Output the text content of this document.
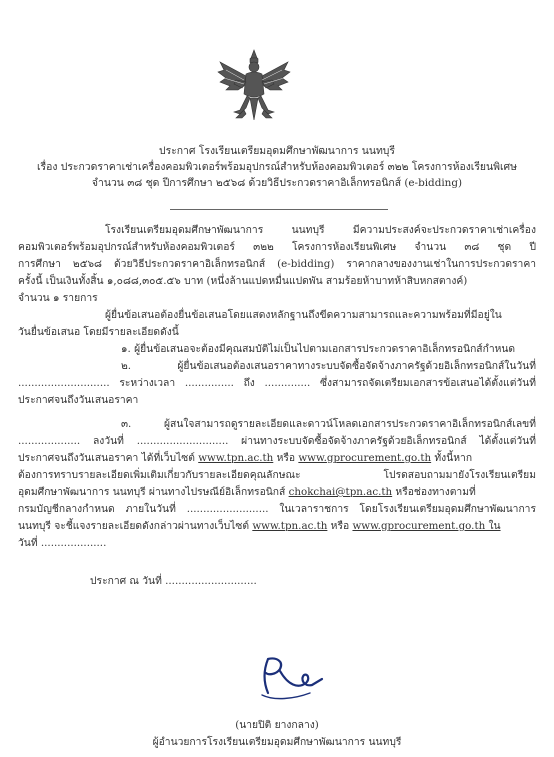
ประกาศ โรงเรียนเตรียมอุดมศึกษาพัฒนาการ นนทบุรี
เรื่อง ประกวดราคาเช่าเครื่องคอมพิวเตอร์พร้อมอุปกรณ์สำหรับห้องคอมพิวเตอร์ ๓๒๒ โครงการห้องเรียนพิเศษ
จำนวน ๓๘ ชุด ปีการศึกษา ๒๕๖๘ ด้วยวิธีประกวดราคาอิเล็กทรอนิกส์ (e-bidding)
โรงเรียนเตรียมอุดมศึกษาพัฒนาการ นนทบุรี มีความประสงค์จะประกวดราคาเช่าเครื่อง
คอมพิวเตอร์พร้อมอุปกรณ์สำหรับห้องคอมพิวเตอร์ ๓๒๒ โครงการห้องเรียนพิเศษ จำนวน ๓๘ ชุด ปี
การศึกษา ๒๕๖๘ ด้วยวิธีประกวดราคาอิเล็กทรอนิกส์ (e-bidding) ราคากลางของงานเช่าในการประกวดราคา
ครั้งนี้ เป็นเงินทั้งสิ้น ๑,๐๘๘,๓๐๕.๕๖ บาท (หนึ่งล้านแปดหมื่นแปดพัน สามร้อยห้าบาทห้าสิบหกสตางค์)
จำนวน ๑ รายการ
ผู้ยื่นข้อเสนอต้องยื่นข้อเสนอโดยแสดงหลักฐานถึงขีดความสามารถและความพร้อมที่มีอยู่ใน
วันยื่นข้อเสนอ โดยมีรายละเอียดดังนี้
๑. ผู้ยื่นข้อเสนอจะต้องมีคุณสมบัติไม่เป็นไปตามเอกสารประกวดราคาอิเล็กทรอนิกส์กำหนด
๒. ผู้ยื่นข้อเสนอต้องเสนอราคาทางระบบจัดซื้อจัดจ้างภาครัฐด้วยอิเล็กทรอนิกส์ในวันที่
............................ ระหว่างเวลา ............... ถึง .............. ซึ่งสามารถจัดเตรียมเอกสารข้อเสนอได้ตั้งแต่วันที่
ประกาศจนถึงวันเสนอราคา
๓. ผู้สนใจสามารถดูรายละเอียดและดาวน์โหลดเอกสารประกวดราคาอิเล็กทรอนิกส์เลขที่
................... ลงวันที่ ............................ ผ่านทางระบบจัดซื้อจัดจ้างภาครัฐด้วยอิเล็กทรอนิกส์ ได้ตั้งแต่วันที่
ประกาศจนถึงวันเสนอราคา ได้ที่เว็บไซต์ www.tpn.ac.th หรือ www.gprocurement.go.th ทั้งนี้หาก
ต้องการทราบรายละเอียดเพิ่มเติมเกี่ยวกับรายละเอียดคุณลักษณะ โปรดสอบถามมายังโรงเรียนเตรียม
อุดมศึกษาพัฒนาการ นนทบุรี ผ่านทางไปรษณีย์อิเล็กทรอนิกส์ chokchai@tpn.ac.th หรือช่องทางตามที่
กรมบัญชีกลางกำหนด ภายในวันที่ ......................... ในเวลาราชการ โดยโรงเรียนเตรียมอุดมศึกษาพัฒนาการ
นนทบุรี จะชี้แจงรายละเอียดดังกล่าวผ่านทางเว็บไซต์ www.tpn.ac.th หรือ www.gprocurement.go.th ใน
วันที่ ....................
ประกาศ ณ วันที่ ............................
(นายปิติ ยางกลาง)
ผู้อำนวยการโรงเรียนเตรียมอุดมศึกษาพัฒนาการ นนทบุรี
